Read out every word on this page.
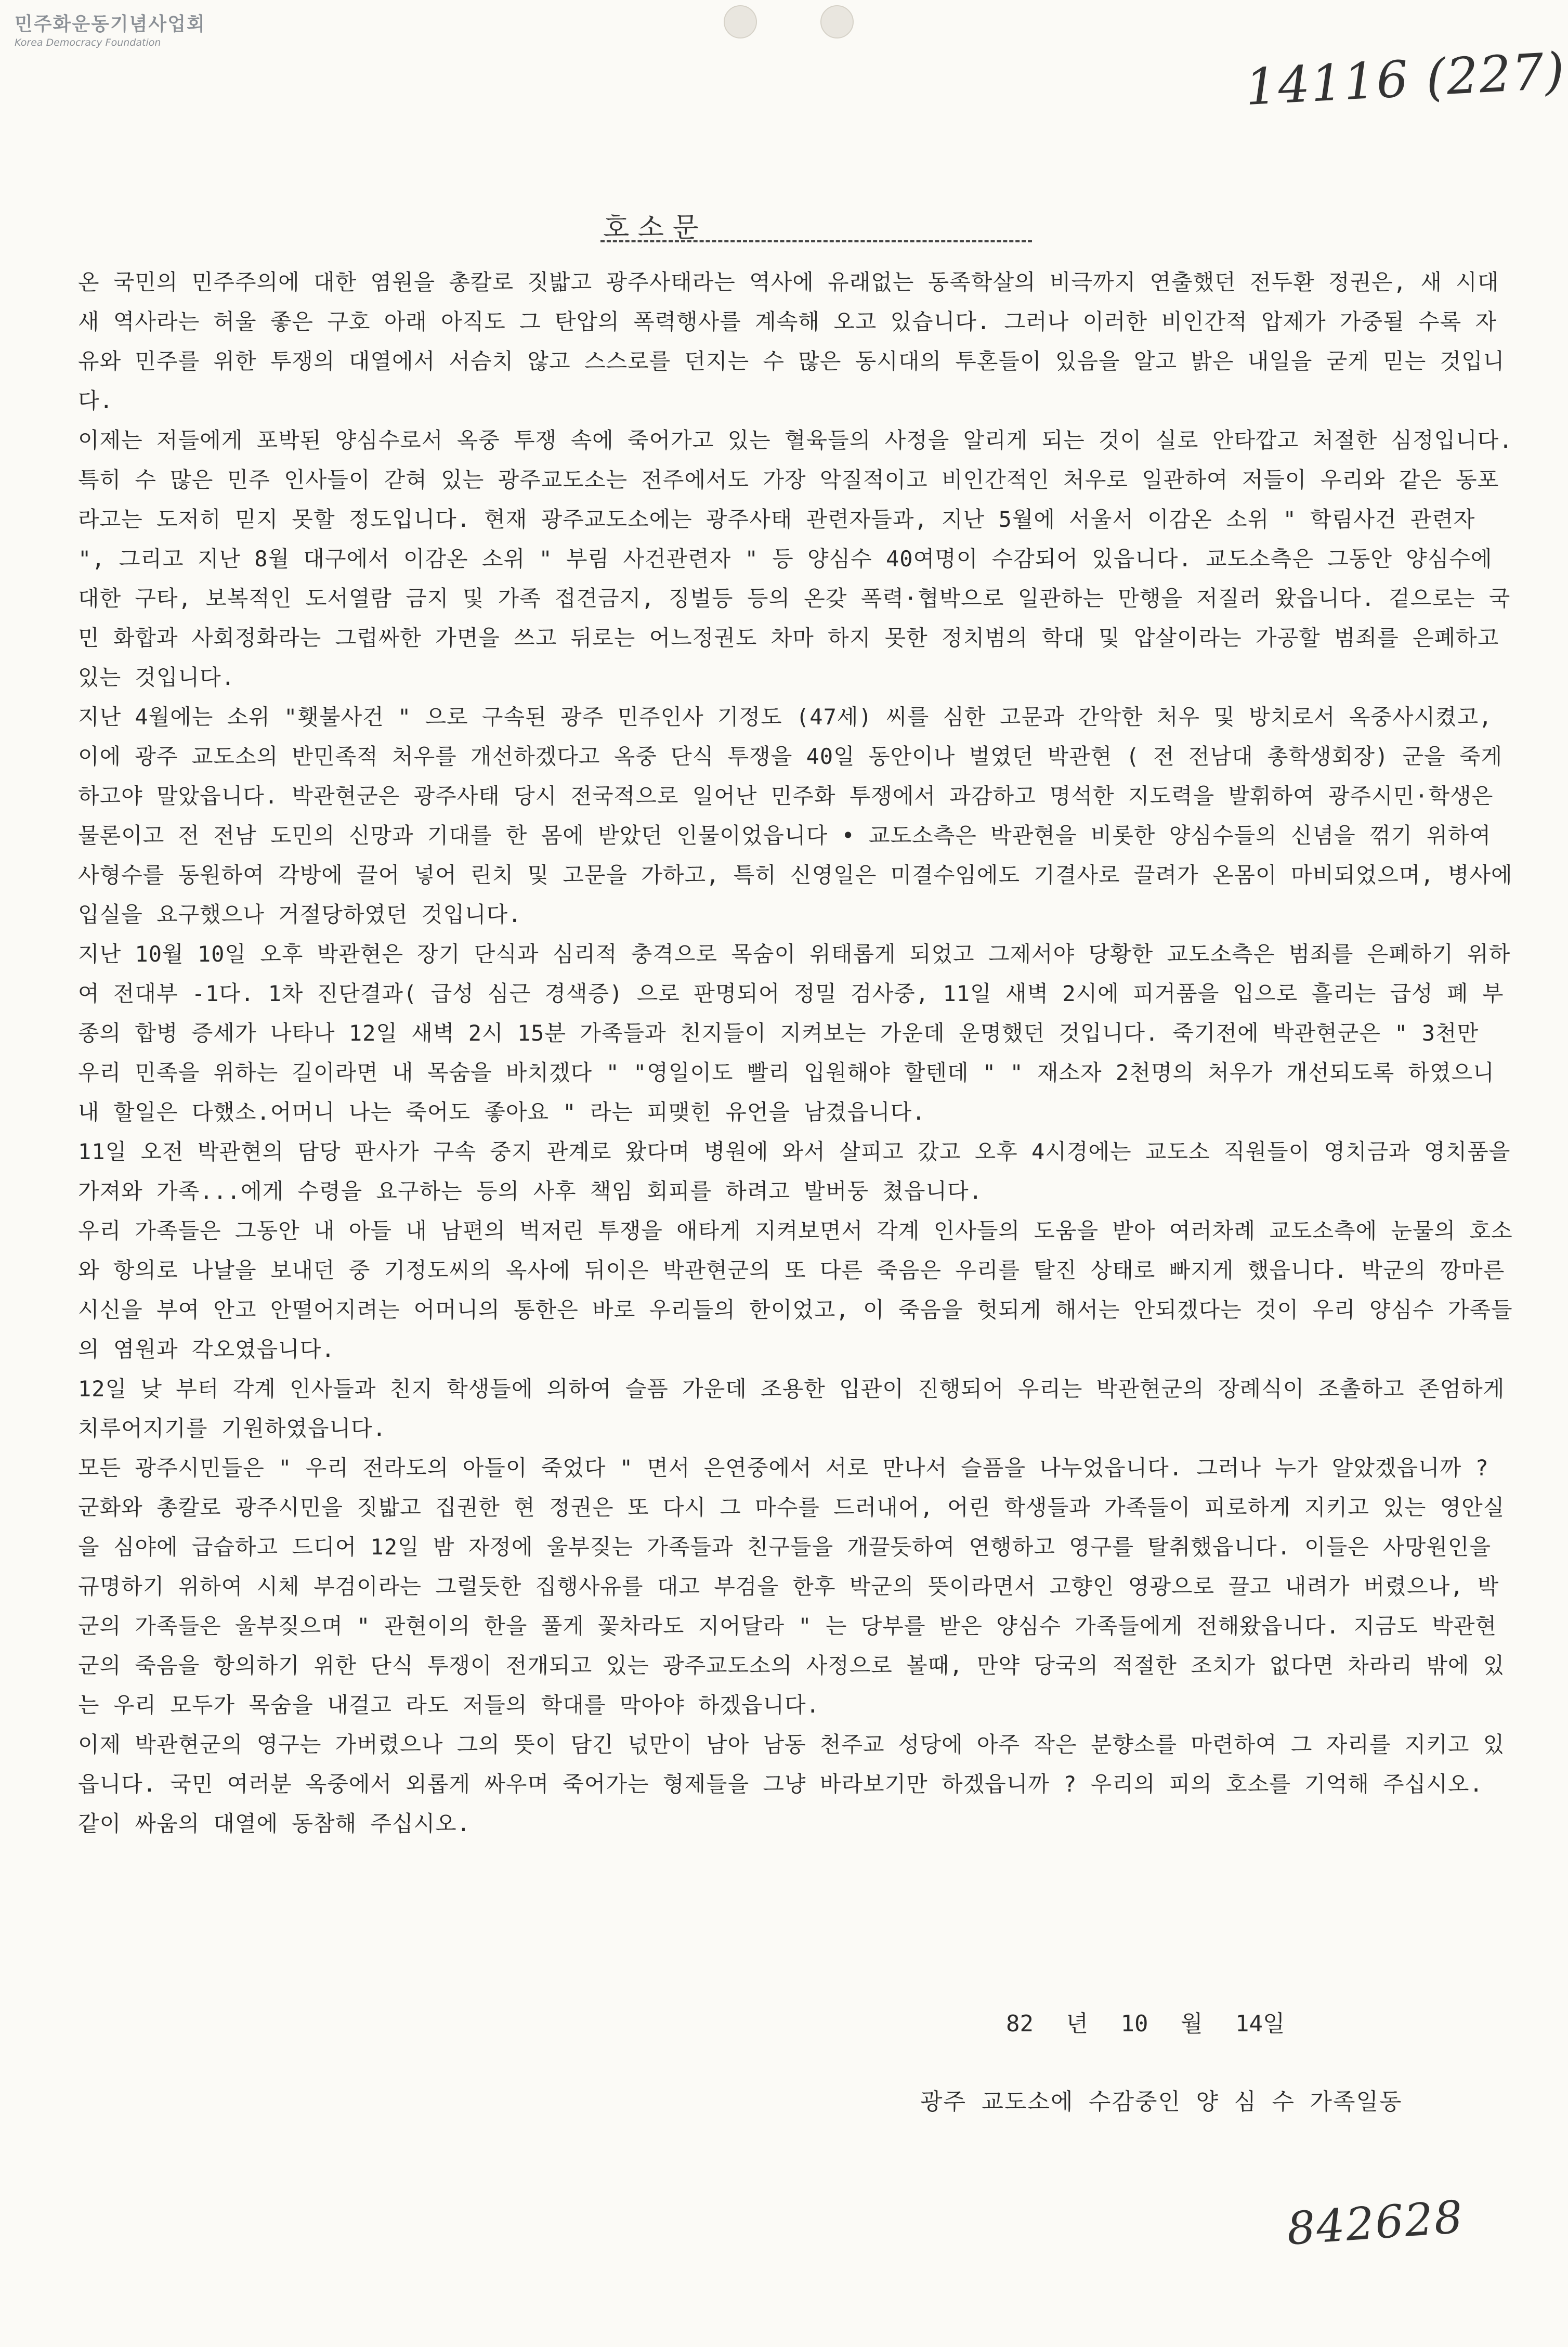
민주화운동기념사업회
Korea Democracy Foundation	14116 (227)
호 소 문

온 국민의 민주주의에 대한 염원을 총칼로 짓밟고 광주사태라는 역사에 유래없는 동족학살의 비극까지 연출했던 전두환 정권은, 새 시대 새 역사라는 허울 좋은 구호 아래 아직도 그 탄압의 폭력행사를 계속해 오고 있습니다. 그러나 이러한 비인간적 압제가 가중될 수록 자유와 민주를 위한 투쟁의 대열에서 서슴치 않고 스스로를 던지는 수 많은 동시대의 투혼들이 있음을 알고 밝은 내일을 굳게 믿는 것입니다.

이제는 저들에게 포박된 양심수로서 옥중 투쟁 속에 죽어가고 있는 혈육들의 사정을 알리게 되는 것이 실로 안타깝고 처절한 심정입니다. 특히 수 많은 민주 인사들이 갇혀 있는 광주교도소는 전주에서도 가장 악질적이고 비인간적인 처우로 일관하여 저들이 우리와 같은 동포라고는 도저히 믿지 못할 정도입니다. 현재 광주교도소에는 광주사태 관련자들과, 지난 5월에 서울서 이감온 소위 " 학림사건 관련자 ", 그리고 지난 8월 대구에서 이감온 소위 " 부림 사건관련자 " 등 양심수 40여명이 수감되어 있읍니다. 교도소측은 그동안 양심수에 대한 구타, 보복적인 도서열람 금지 및 가족 접견금지, 징벌등 등의 온갖 폭력·협박으로 일관하는 만행을 저질러 왔읍니다. 겉으로는 국민 화합과 사회정화라는 그럽싸한 가면을 쓰고 뒤로는 어느정권도 차마 하지 못한 정치범의 학대 및 압살이라는 가공할 범죄를 은폐하고 있는 것입니다.

지난 4월에는 소위 "횃불사건 " 으로 구속된 광주 민주인사 기정도 (47세) 씨를 심한 고문과 간악한 처우 및 방치로서 옥중사시켰고, 이에 광주 교도소의 반민족적 처우를 개선하겠다고 옥중 단식 투쟁을 40일 동안이나 벌였던 박관현 ( 전 전남대 총학생회장) 군을 죽게 하고야 말았읍니다. 박관현군은 광주사태 당시 전국적으로 일어난 민주화 투쟁에서 과감하고 명석한 지도력을 발휘하여 광주시민·학생은 물론이고 전 전남 도민의 신망과 기대를 한 몸에 받았던 인물이었읍니다 • 교도소측은 박관현을 비롯한 양심수들의 신념을 꺾기 위하여 사형수를 동원하여 각방에 끌어 넣어 린치 및 고문을 가하고, 특히 신영일은 미결수임에도 기결사로 끌려가 온몸이 마비되었으며, 병사에 입실을 요구했으나 거절당하였던 것입니다.

지난 10월 10일 오후 박관현은 장기 단식과 심리적 충격으로 목숨이 위태롭게 되었고 그제서야 당황한 교도소측은 범죄를 은폐하기 위하여 전대부 -1다. 1차 진단결과( 급성 심근 경색증) 으로 판명되어 정밀 검사중, 11일 새벽 2시에 피거품을 입으로 흘리는 급성 폐 부종의 합병 증세가 나타나 12일 새벽 2시 15분 가족들과 친지들이 지켜보는 가운데 운명했던 것입니다. 죽기전에 박관현군은 " 3천만 우리 민족을 위하는 길이라면 내 목숨을 바치겠다 " "영일이도 빨리 입원해야 할텐데 " " 재소자 2천명의 처우가 개선되도록 하였으니 내 할일은 다했소.어머니 나는 죽어도 좋아요 " 라는 피맺힌 유언을 남겼읍니다.

11일 오전 박관현의 담당 판사가 구속 중지 관계로 왔다며 병원에 와서 살피고 갔고 오후 4시경에는 교도소 직원들이 영치금과 영치품을 가져와 가족...에게 수령을 요구하는 등의 사후 책임 회피를 하려고 발버둥 쳤읍니다.

우리 가족들은 그동안 내 아들 내 남편의 벅저린 투쟁을 애타게 지켜보면서 각계 인사들의 도움을 받아 여러차례 교도소측에 눈물의 호소와 항의로 나날을 보내던 중 기정도씨의 옥사에 뒤이은 박관현군의 또 다른 죽음은 우리를 탈진 상태로 빠지게 했읍니다. 박군의 깡마른 시신을 부여 안고 안떨어지려는 어머니의 통한은 바로 우리들의 한이었고, 이 죽음을 헛되게 해서는 안되겠다는 것이 우리 양심수 가족들의 염원과 각오였읍니다.

12일 낮 부터 각계 인사들과 친지 학생들에 의하여 슬픔 가운데 조용한 입관이 진행되어 우리는 박관현군의 장례식이 조촐하고 존엄하게 치루어지기를 기원하였읍니다.

모든 광주시민들은 " 우리 전라도의 아들이 죽었다 " 면서 은연중에서 서로 만나서 슬픔을 나누었읍니다. 그러나 누가 알았겠읍니까 ? 군화와 총칼로 광주시민을 짓밟고 집권한 현 정권은 또 다시 그 마수를 드러내어, 어린 학생들과 가족들이 피로하게 지키고 있는 영안실을 심야에 급습하고 드디어 12일 밤 자정에 울부짖는 가족들과 친구들을 개끌듯하여 연행하고 영구를 탈취했읍니다. 이들은 사망원인을 규명하기 위하여 시체 부검이라는 그럴듯한 집행사유를 대고 부검을 한후 박군의 뜻이라면서 고향인 영광으로 끌고 내려가 버렸으나, 박군의 가족들은 울부짖으며 " 관현이의 한을 풀게 꽃차라도 지어달라 " 는 당부를 받은 양심수 가족들에게 전해왔읍니다. 지금도 박관현군의 죽음을 항의하기 위한 단식 투쟁이 전개되고 있는 광주교도소의 사정으로 볼때, 만약 당국의 적절한 조치가 없다면 차라리 밖에 있는 우리 모두가 목숨을 내걸고 라도 저들의 학대를 막아야 하겠읍니다.

이제 박관현군의 영구는 가버렸으나 그의 뜻이 담긴 넋만이 남아 남동 천주교 성당에 아주 작은 분향소를 마련하여 그 자리를 지키고 있읍니다. 국민 여러분 옥중에서 외롭게 싸우며 죽어가는 형제들을 그냥 바라보기만 하겠읍니까 ? 우리의 피의 호소를 기억해 주십시오. 같이 싸움의 대열에 동참해 주십시오.

82 년 10 월 14일
광주 교도소에 수감중인 양 심 수 가족일동
842628
